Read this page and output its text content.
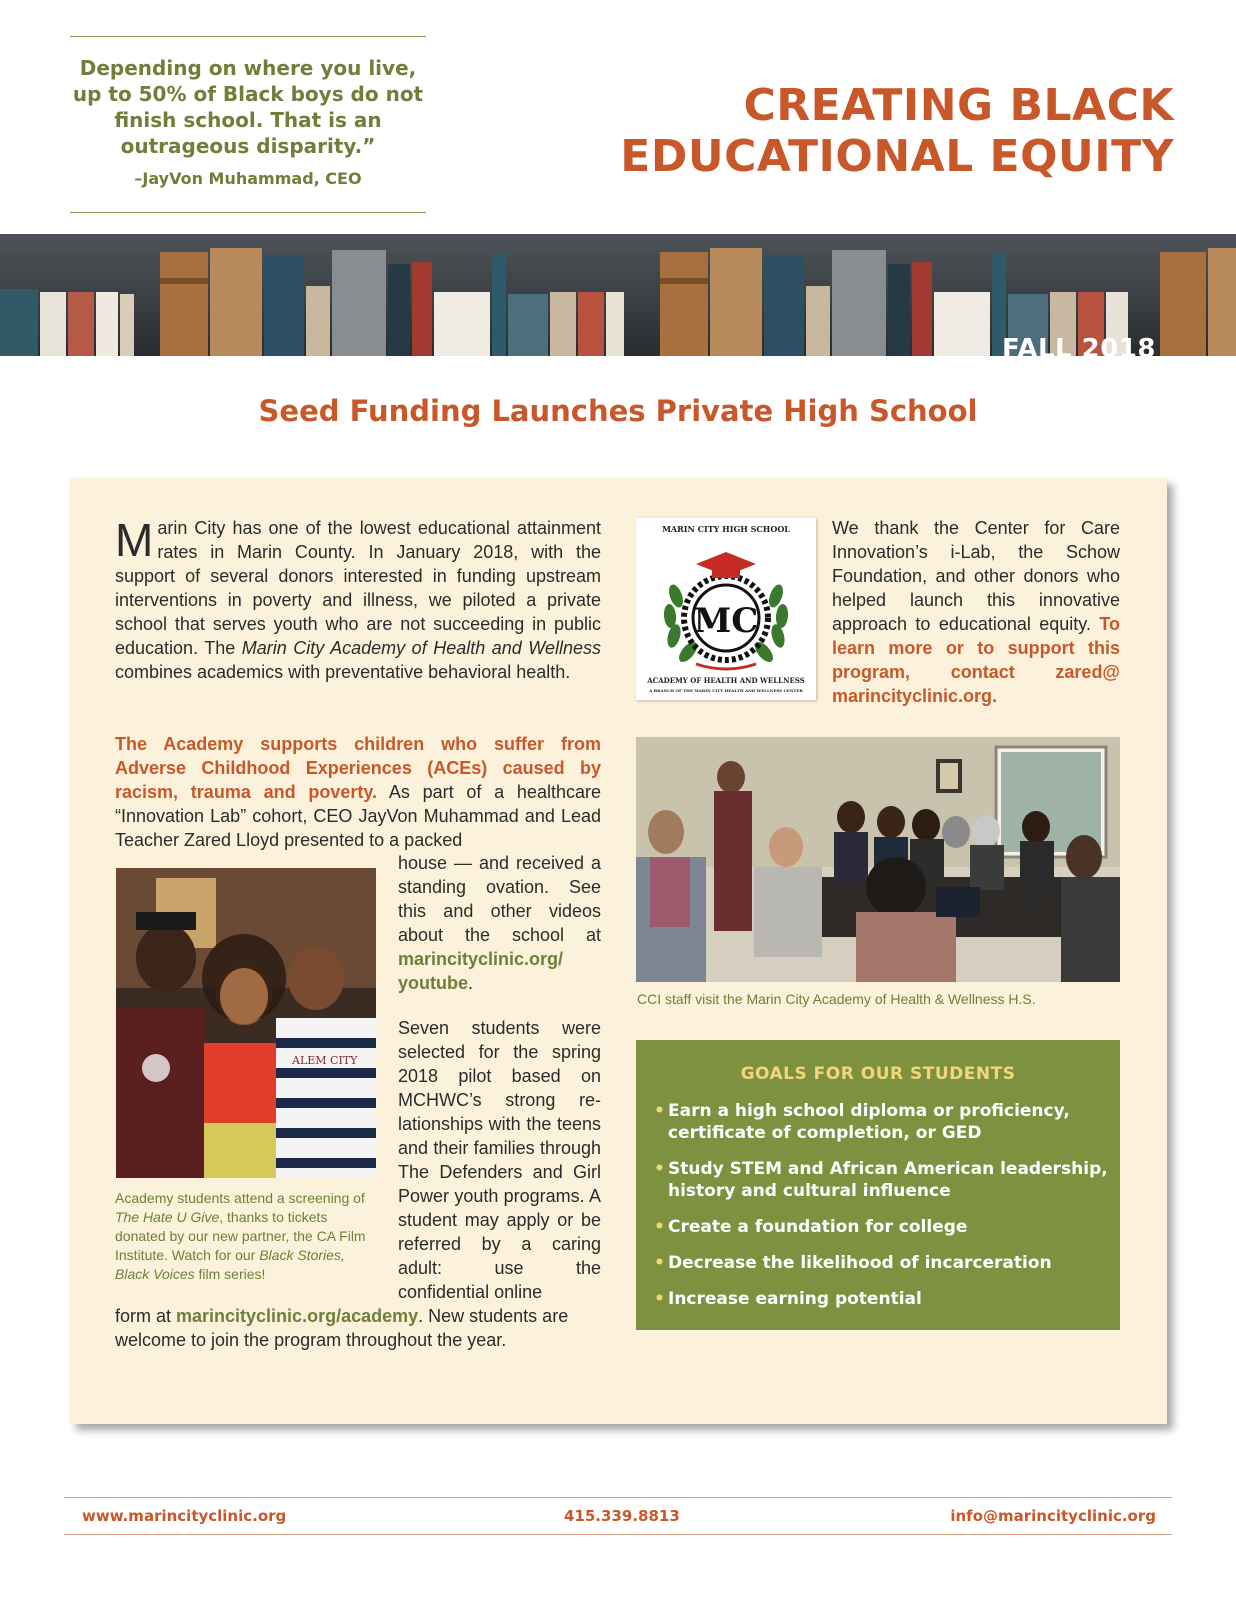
Depending on where you live, up to 50% of Black boys do not finish school. That is an outrageous disparity.”

–JayVon Muhammad, CEO

CREATING BLACK
EDUCATIONAL EQUITY

FALL 2018

Seed Funding Launches Private High School

Marin City has one of the lowest educational attainment rates in Marin County. In January 2018, with the support of several donors interested in funding upstream interventions in poverty and illness, we piloted a private school that serves youth who are not succeeding in public education. The Marin City Academy of Health and Wellness combines academics with preventative behavioral health.

The Academy supports children who suffer from Adverse Childhood Experiences (ACEs) caused by racism, trauma and poverty. As part of a healthcare “Innovation Lab” cohort, CEO JayVon Muhammad and Lead Teacher Zared Lloyd presented to a packed

ALEM CITY

Academy students attend a screening of The Hate U Give, thanks to tickets donated by our new partner, the CA Film Institute. Watch for our Black Stories, Black Voices film series!

house — and received a standing ovation. See this and other videos about the school at marincityclinic.org/ youtube.

Seven students were selected for the spring 2018 pilot based on MCHWC’s strong re-lationships with the teens and their families through The Defenders and Girl Power youth programs. A student may apply or be referred by a caring adult: use the confidential online

form at marincityclinic.org/academy. New students are welcome to join the program throughout the year.

MARIN CITY HIGH SCHOOL

MC

ACADEMY OF HEALTH AND WELLNESS
A BRANCH OF THE MARIN CITY HEALTH AND WELLNESS CENTER

We thank the Center for Care Innovation’s i-Lab, the Schow Foundation, and other donors who helped launch this innovative approach to educational equity. To learn more or to support this program, contact zared@ marincityclinic.org.

CCI staff visit the Marin City Academy of Health & Wellness H.S.

GOALS FOR OUR STUDENTS

• Earn a high school diploma or proficiency, certificate of completion, or GED
• Study STEM and African American leadership, history and cultural influence
• Create a foundation for college
• Decrease the likelihood of incarceration
• Increase earning potential

www.marincityclinic.org	415.339.8813	info@marincityclinic.org
